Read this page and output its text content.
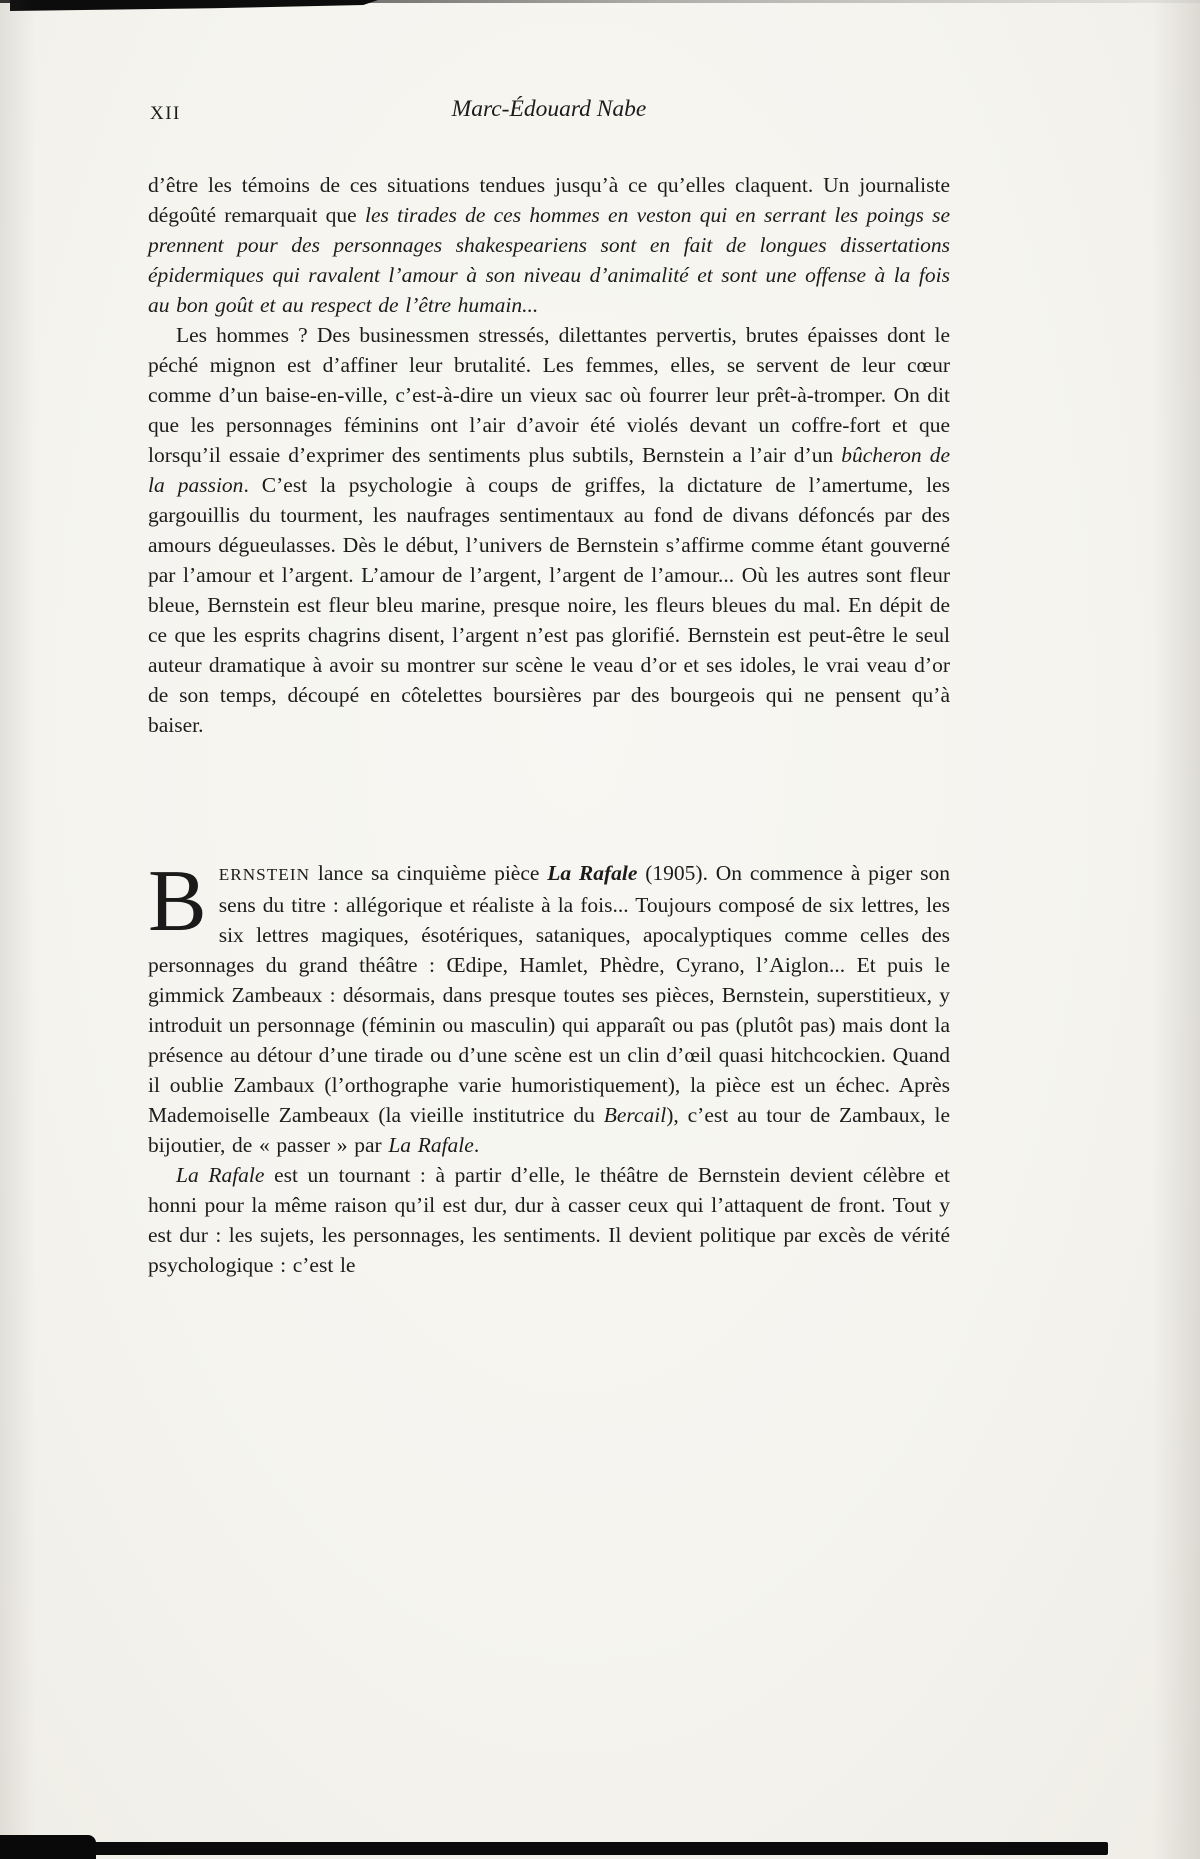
XII	Marc-Édouard Nabe

d’être les témoins de ces situations tendues jusqu’à ce qu’elles claquent. Un journaliste dégoûté remarquait que les tirades de ces hommes en veston qui en serrant les poings se prennent pour des personnages shakespeariens sont en fait de longues dissertations épidermiques qui ravalent l’amour à son niveau d’animalité et sont une offense à la fois au bon goût et au respect de l’être humain...

Les hommes ? Des businessmen stressés, dilettantes pervertis, brutes épaisses dont le péché mignon est d’affiner leur brutalité. Les femmes, elles, se servent de leur cœur comme d’un baise-en-ville, c’est-à-dire un vieux sac où fourrer leur prêt-à-tromper. On dit que les personnages féminins ont l’air d’avoir été violés devant un coffre-fort et que lorsqu’il essaie d’exprimer des sentiments plus subtils, Bernstein a l’air d’un bûcheron de la passion. C’est la psychologie à coups de griffes, la dictature de l’amertume, les gargouillis du tourment, les naufrages sentimentaux au fond de divans défoncés par des amours dégueulasses. Dès le début, l’univers de Bernstein s’affirme comme étant gouverné par l’amour et l’argent. L’amour de l’argent, l’argent de l’amour... Où les autres sont fleur bleue, Bernstein est fleur bleu marine, presque noire, les fleurs bleues du mal. En dépit de ce que les esprits chagrins disent, l’argent n’est pas glorifié. Bernstein est peut-être le seul auteur dramatique à avoir su montrer sur scène le veau d’or et ses idoles, le vrai veau d’or de son temps, découpé en côtelettes boursières par des bourgeois qui ne pensent qu’à baiser.

BERNSTEIN lance sa cinquième pièce La Rafale (1905). On commence à piger son sens du titre : allégorique et réaliste à la fois... Toujours composé de six lettres, les six lettres magiques, ésotériques, sataniques, apocalyptiques comme celles des personnages du grand théâtre : Œdipe, Hamlet, Phèdre, Cyrano, l’Aiglon... Et puis le gimmick Zambeaux : désormais, dans presque toutes ses pièces, Bernstein, superstitieux, y introduit un personnage (féminin ou masculin) qui apparaît ou pas (plutôt pas) mais dont la présence au détour d’une tirade ou d’une scène est un clin d’œil quasi hitchcockien. Quand il oublie Zambaux (l’orthographe varie humoristiquement), la pièce est un échec. Après Mademoiselle Zambeaux (la vieille institutrice du Bercail), c’est au tour de Zambaux, le bijoutier, de « passer » par La Rafale.

La Rafale est un tournant : à partir d’elle, le théâtre de Bernstein devient célèbre et honni pour la même raison qu’il est dur, dur à casser ceux qui l’attaquent de front. Tout y est dur : les sujets, les personnages, les sentiments. Il devient politique par excès de vérité psychologique : c’est le
